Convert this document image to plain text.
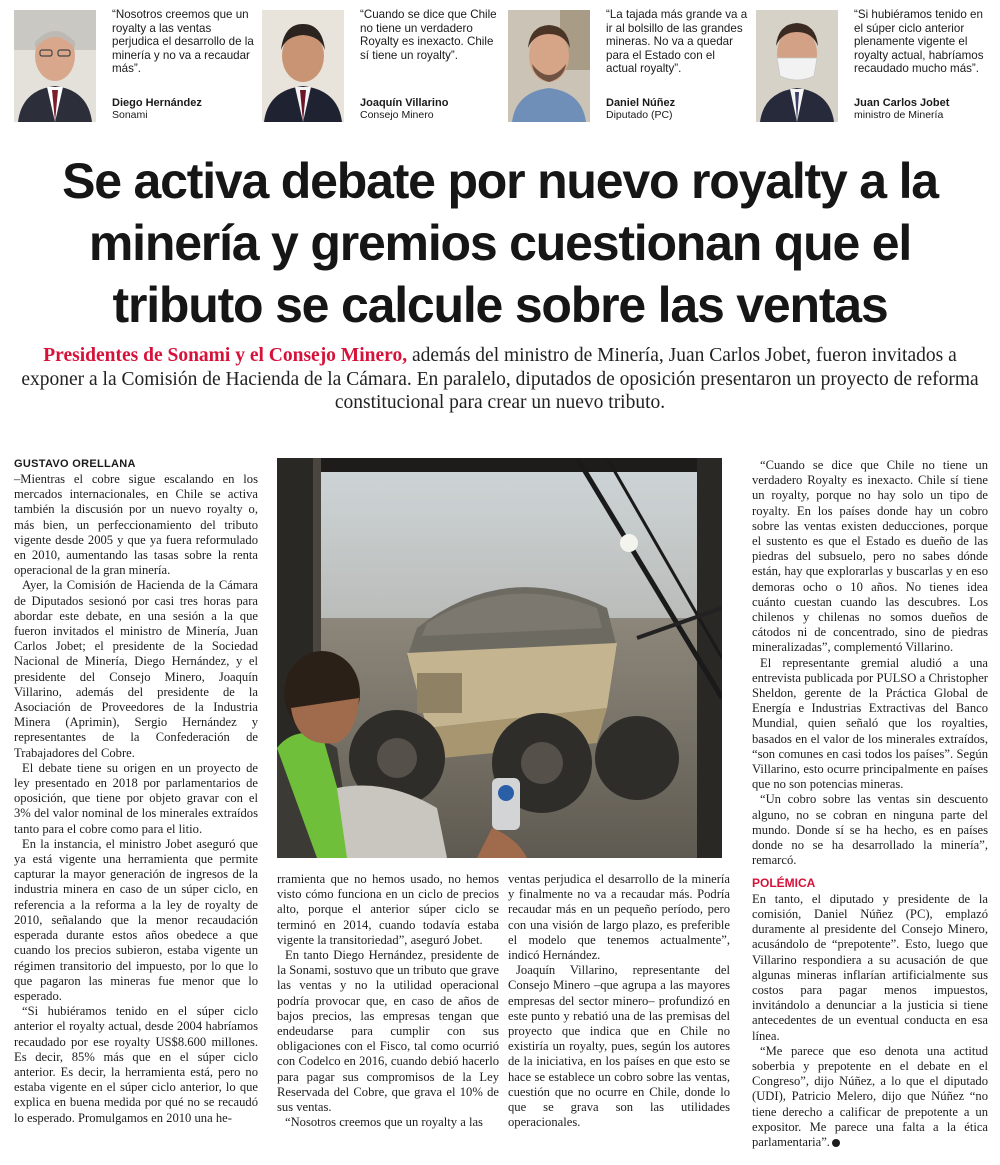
“Nosotros creemos que un royalty a las ventas perjudica el desarrollo de la minería y no va a recaudar más”.
Diego Hernández
Sonami
“Cuando se dice que Chile no tiene un verdadero Royalty es inexacto. Chile sí tiene un royalty”.
Joaquín Villarino
Consejo Minero
“La tajada más grande va a ir al bolsillo de las grandes mineras. No va a quedar para el Estado con el actual royalty”.
Daniel Núñez
Diputado (PC)
“Si hubiéramos tenido en el súper ciclo anterior plenamente vigente el royalty actual, habríamos recaudado mucho más”.
Juan Carlos Jobet
ministro de Minería
Se activa debate por nuevo royalty a la minería y gremios cuestionan que el tributo se calcule sobre las ventas

Presidentes de Sonami y el Consejo Minero, además del ministro de Minería, Juan Carlos Jobet, fueron invitados a exponer a la Comisión de Hacienda de la Cámara. En paralelo, diputados de oposición presentaron un proyecto de reforma constitucional para crear un nuevo tributo.

GUSTAVO ORELLANA

–Mientras el cobre sigue escalando en los mercados internacionales, en Chile se activa también la discusión por un nuevo royalty o, más bien, un perfeccionamiento del tributo vigente desde 2005 y que ya fuera reformulado en 2010, aumentando las tasas sobre la renta operacional de la gran minería.

Ayer, la Comisión de Hacienda de la Cámara de Diputados sesionó por casi tres horas para abordar este debate, en una sesión a la que fueron invitados el ministro de Minería, Juan Carlos Jobet; el presidente de la Sociedad Nacional de Minería, Diego Hernández, y el presidente del Consejo Minero, Joaquín Villarino, además del presidente de la Asociación de Proveedores de la Industria Minera (Aprimin), Sergio Hernández y representantes de la Confederación de Trabajadores del Cobre.

El debate tiene su origen en un proyecto de ley presentado en 2018 por parlamentarios de oposición, que tiene por objeto gravar con el 3% del valor nominal de los minerales extraídos tanto para el cobre como para el litio.

En la instancia, el ministro Jobet aseguró que ya está vigente una herramienta que permite capturar la mayor generación de ingresos de la industria minera en caso de un súper ciclo, en referencia a la reforma a la ley de royalty de 2010, señalando que la menor recaudación esperada durante estos años obedece a que cuando los precios subieron, estaba vigente un régimen transitorio del impuesto, por lo que lo que pagaron las mineras fue menor que lo esperado.

“Si hubiéramos tenido en el súper ciclo anterior el royalty actual, desde 2004 habríamos recaudado por ese royalty US$8.600 millones. Es decir, 85% más que en el súper ciclo anterior. Es decir, la herramienta está, pero no estaba vigente en el súper ciclo anterior, lo que explica en buena medida por qué no se recaudó lo esperado. Promulgamos en 2010 una he-

rramienta que no hemos usado, no hemos visto cómo funciona en un ciclo de precios alto, porque el anterior súper ciclo se terminó en 2014, cuando todavía estaba vigente la transitoriedad”, aseguró Jobet.

En tanto Diego Hernández, presidente de la Sonami, sostuvo que un tributo que grave las ventas y no la utilidad operacional podría provocar que, en caso de años de bajos precios, las empresas tengan que endeudarse para cumplir con sus obligaciones con el Fisco, tal como ocurrió con Codelco en 2016, cuando debió hacerlo para pagar sus compromisos de la Ley Reservada del Cobre, que grava el 10% de sus ventas.

“Nosotros creemos que un royalty a las

ventas perjudica el desarrollo de la minería y finalmente no va a recaudar más. Podría recaudar más en un pequeño período, pero con una visión de largo plazo, es preferible el modelo que tenemos actualmente”, indicó Hernández.

Joaquín Villarino, representante del Consejo Minero –que agrupa a las mayores empresas del sector minero– profundizó en este punto y rebatió una de las premisas del proyecto que indica que en Chile no existiría un royalty, pues, según los autores de la iniciativa, en los países en que esto se hace se establece un cobro sobre las ventas, cuestión que no ocurre en Chile, donde lo que se grava son las utilidades operacionales.

“Cuando se dice que Chile no tiene un verdadero Royalty es inexacto. Chile sí tiene un royalty, porque no hay solo un tipo de royalty. En los países donde hay un cobro sobre las ventas existen deducciones, porque el sustento es que el Estado es dueño de las piedras del subsuelo, pero no sabes dónde están, hay que explorarlas y buscarlas y en eso demoras ocho o 10 años. No tienes idea cuánto cuestan cuando las descubres. Los chilenos y chilenas no somos dueños de cátodos ni de concentrado, sino de piedras mineralizadas”, complementó Villarino.

El representante gremial aludió a una entrevista publicada por PULSO a Christopher Sheldon, gerente de la Práctica Global de Energía e Industrias Extractivas del Banco Mundial, quien señaló que los royalties, basados en el valor de los minerales extraídos, “son comunes en casi todos los países”. Según Villarino, esto ocurre principalmente en países que no son potencias mineras.

“Un cobro sobre las ventas sin descuento alguno, no se cobran en ninguna parte del mundo. Donde sí se ha hecho, es en países donde no se ha desarrollado la minería”, remarcó.

POLÉMICA

En tanto, el diputado y presidente de la comisión, Daniel Núñez (PC), emplazó duramente al presidente del Consejo Minero, acusándolo de “prepotente”. Esto, luego que Villarino respondiera a su acusación de que algunas mineras inflarían artificialmente sus costos para pagar menos impuestos, invitándolo a denunciar a la justicia si tiene antecedentes de un eventual conducta en esa línea.

“Me parece que eso denota una actitud soberbia y prepotente en el debate en el Congreso”, dijo Núñez, a lo que el diputado (UDI), Patricio Melero, dijo que Núñez “no tiene derecho a calificar de prepotente a un expositor. Me parece una falta a la ética parlamentaria”.
